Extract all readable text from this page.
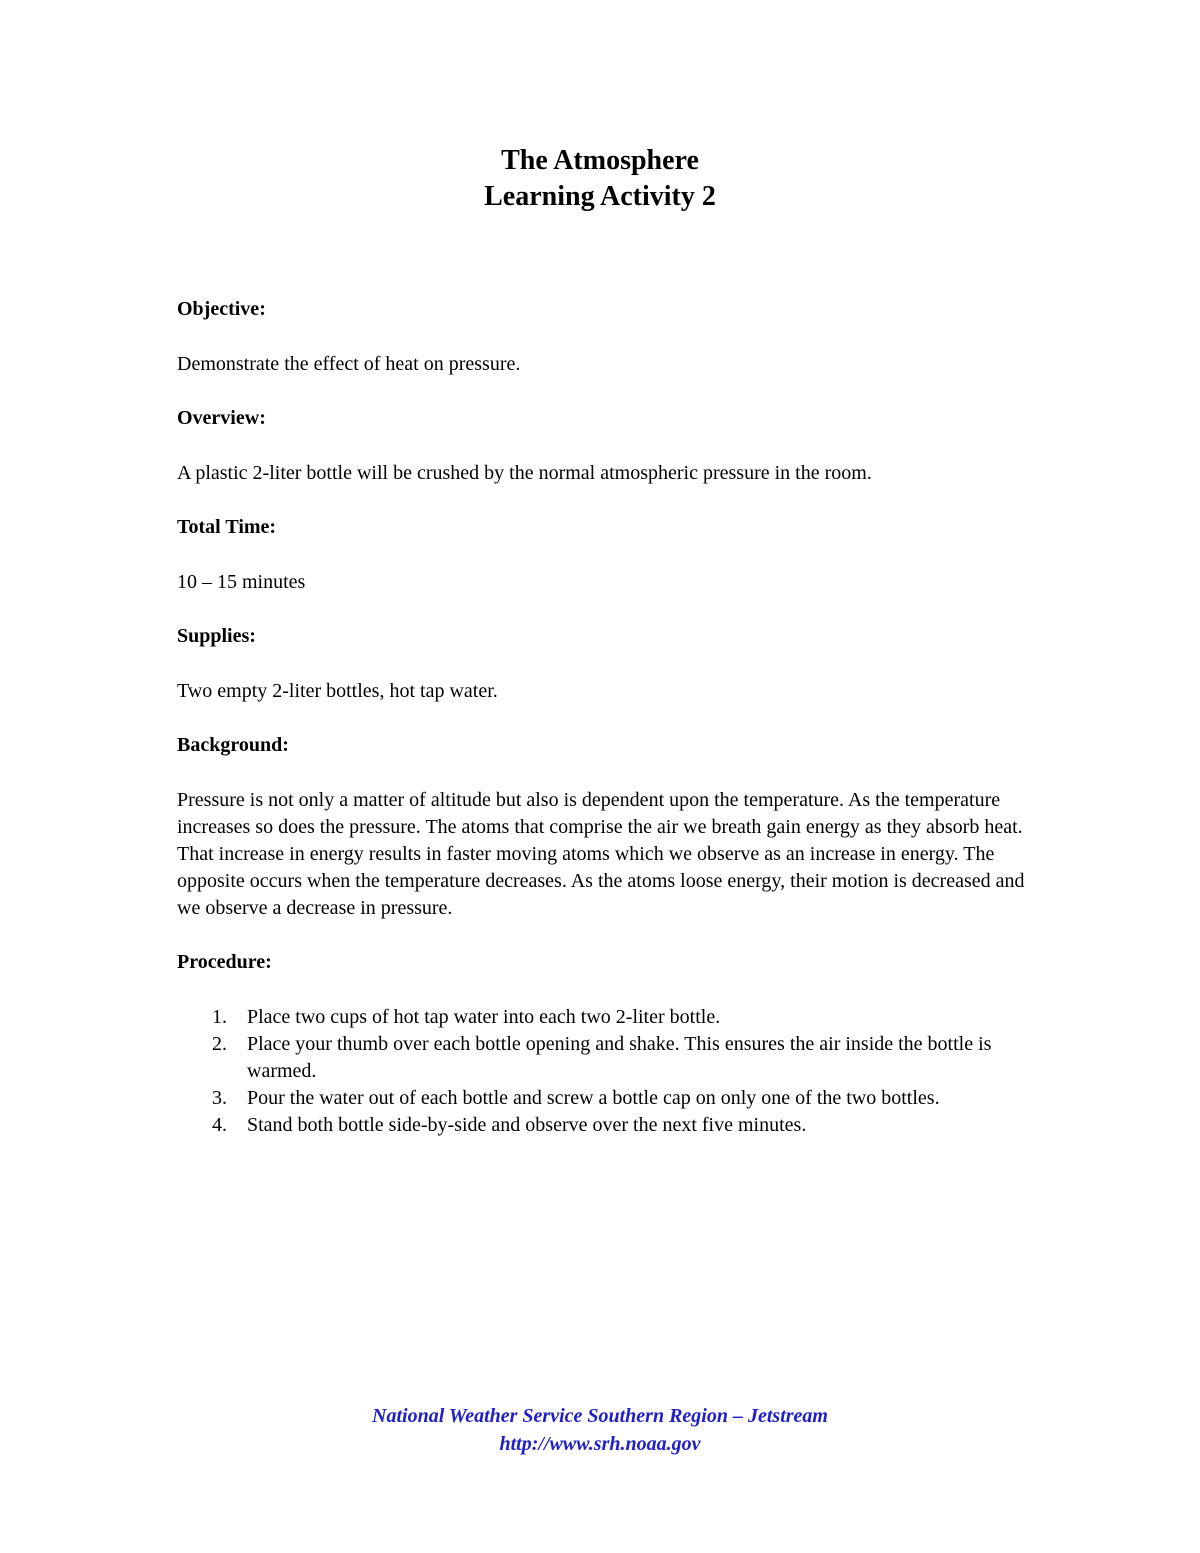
The Atmosphere
Learning Activity 2

Objective:

Demonstrate the effect of heat on pressure.

Overview:

A plastic 2-liter bottle will be crushed by the normal atmospheric pressure in the room.

Total Time:

10 – 15 minutes

Supplies:

Two empty 2-liter bottles, hot tap water.

Background:

Pressure is not only a matter of altitude but also is dependent upon the temperature. As the temperature increases so does the pressure. The atoms that comprise the air we breath gain energy as they absorb heat. That increase in energy results in faster moving atoms which we observe as an increase in energy. The opposite occurs when the temperature decreases. As the atoms loose energy, their motion is decreased and we observe a decrease in pressure.

Procedure:

1. Place two cups of hot tap water into each two 2-liter bottle.
2. Place your thumb over each bottle opening and shake. This ensures the air inside the bottle is warmed.
3. Pour the water out of each bottle and screw a bottle cap on only one of the two bottles.
4. Stand both bottle side-by-side and observe over the next five minutes.
National Weather Service Southern Region – Jetstream
http://www.srh.noaa.gov
